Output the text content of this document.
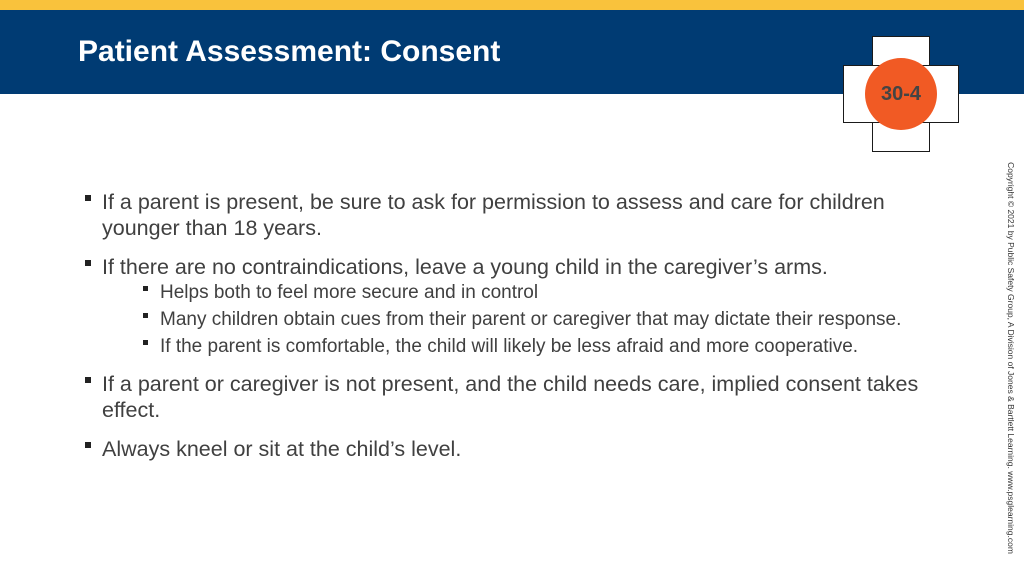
Patient Assessment: Consent
30-4
If a parent is present, be sure to ask for permission to assess and care for children younger than 18 years.
If there are no contraindications, leave a young child in the caregiver’s arms.
Helps both to feel more secure and in control
Many children obtain cues from their parent or caregiver that may dictate their response.
If the parent is comfortable, the child will likely be less afraid and more cooperative.
If a parent or caregiver is not present, and the child needs care, implied consent takes effect.
Always kneel or sit at the child’s level.	Copyright © 2021 by Public Safety Group, A Division of Jones & Bartlett Learning. www.psglearning.com
